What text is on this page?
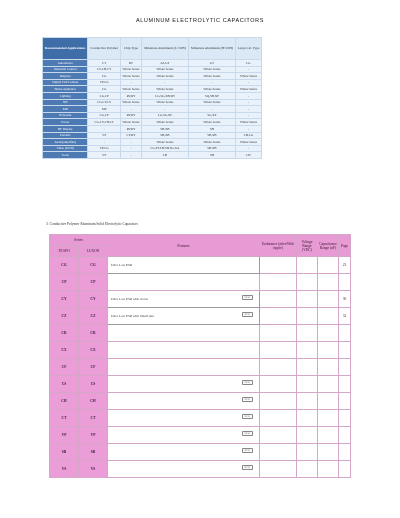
ALUMINUM ELECTROLYTIC CAPACITORS
Recommended Applications	Conductive Polymer	Chip Type	Miniature Aluminum (L>10H)	Miniature Aluminum (H<10H)	Large Cal. Type
Automotive	CT	RV	AS,GT	GT	LG
Industrial Control	CS,CH,CY	Whole Series	Whole Series	Whole Series	-
Displays	CG	Whole Series	Whole Series	Whole Series	Whole Series
Digital TAP Camera	VP,CG	-	-	-	-
Home Appliance	CG	Whole Series	Whole Series	Whole Series	Whole Series
Lighting	CG,CP	RV,RY	LG,SG,XB,SH	SQ,SH,XP	-
NB	CG,CY,CS	Whole Series	Whole Series	Whole Series	-
MB	MP	-	-	-	-
Networks	CG,CP	RV,RY	LG,SG,XP	SG,XP	-
Power	CG,CY,CH,CT	Whole Series	Whole Series	Whole Series	Whole Series
HF Display	-	RV,RY	SH,XB	SH	-
Portable	VP	CY,RY	SH,XB	SH,XB	LH,LG
Audio(amplifier)	-	-	Whole Series	Whole Series	Whole Series
Video (DVD)	VP,CG	-	LG,PT,LH,SH,SG,XA	SH,XB	-
Tools	VP	-	LH	SH	LH
3. Conductive Polymer Aluminum Solid Electrolytic Capacitors
Series		Features	Endurance (after/With ripple)	Voltage Range (VDC)	Capacitance Range (uF)	Page
TEAPO	LUXON					
CG	CG	Ultra Low ESR				23
CP	CP					
CY	CY	Ultra Low ESR with clover NEW				30
CZ	CZ	Ultra Low ESR with Small size NEW				32
CR	CR					
CX	CX					
CF	CF					
CS	CS	NEW				

CH	CH	NEW				

CT	CT	NEW				

VP	VP	NEW				

SB	SB	NEW				

VS	VS	NEW				
